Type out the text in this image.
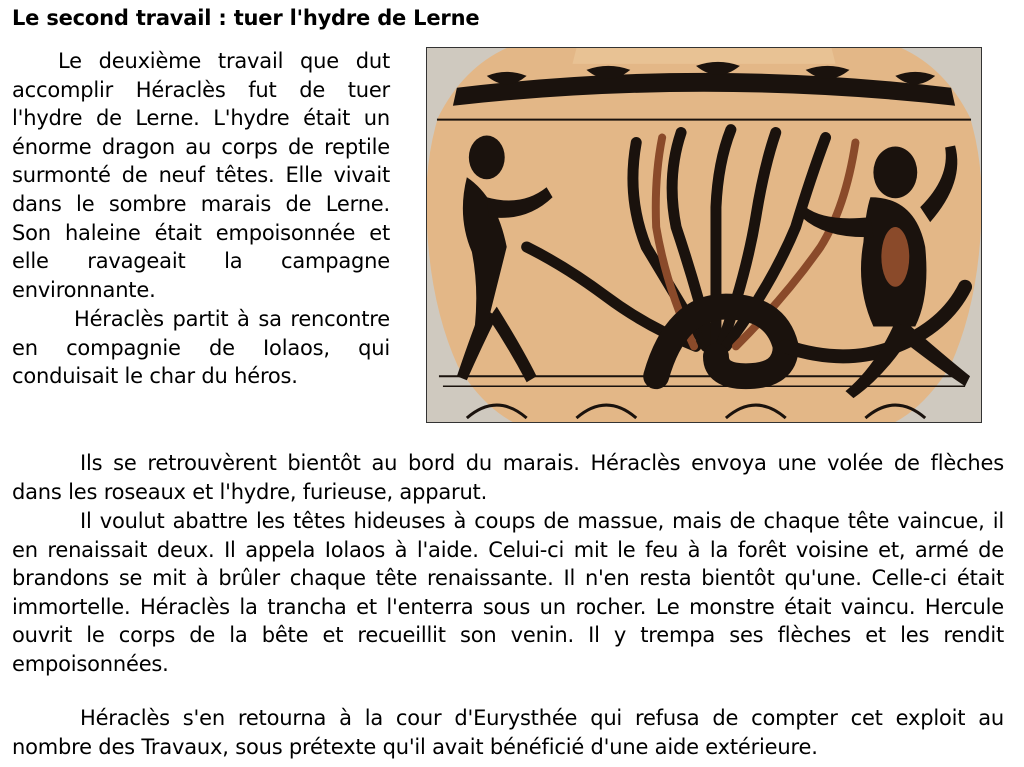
Le second travail : tuer l'hydre de Lerne

Le deuxième travail que dut accomplir Héraclès fut de tuer l'hydre de Lerne. L'hydre était un énorme dragon au corps de reptile surmonté de neuf têtes. Elle vivait dans le sombre marais de Lerne. Son haleine était empoisonnée et elle ravageait la campagne environnante.

Héraclès partit à sa rencontre en compagnie de Iolaos, qui conduisait le char du héros.

Ils se retrouvèrent bientôt au bord du marais. Héraclès envoya une volée de flèches dans les roseaux et l'hydre, furieuse, apparut.

Il voulut abattre les têtes hideuses à coups de massue, mais de chaque tête vaincue, il en renaissait deux. Il appela Iolaos à l'aide. Celui-ci mit le feu à la forêt voisine et, armé de brandons se mit à brûler chaque tête renaissante. Il n'en resta bientôt qu'une. Celle-ci était immortelle. Héraclès la trancha et l'enterra sous un rocher. Le monstre était vaincu. Hercule ouvrit le corps de la bête et recueillit son venin. Il y trempa ses flèches et les rendit empoisonnées.

Héraclès s'en retourna à la cour d'Eurysthée qui refusa de compter cet exploit au nombre des Travaux, sous prétexte qu'il avait bénéficié d'une aide extérieure.
